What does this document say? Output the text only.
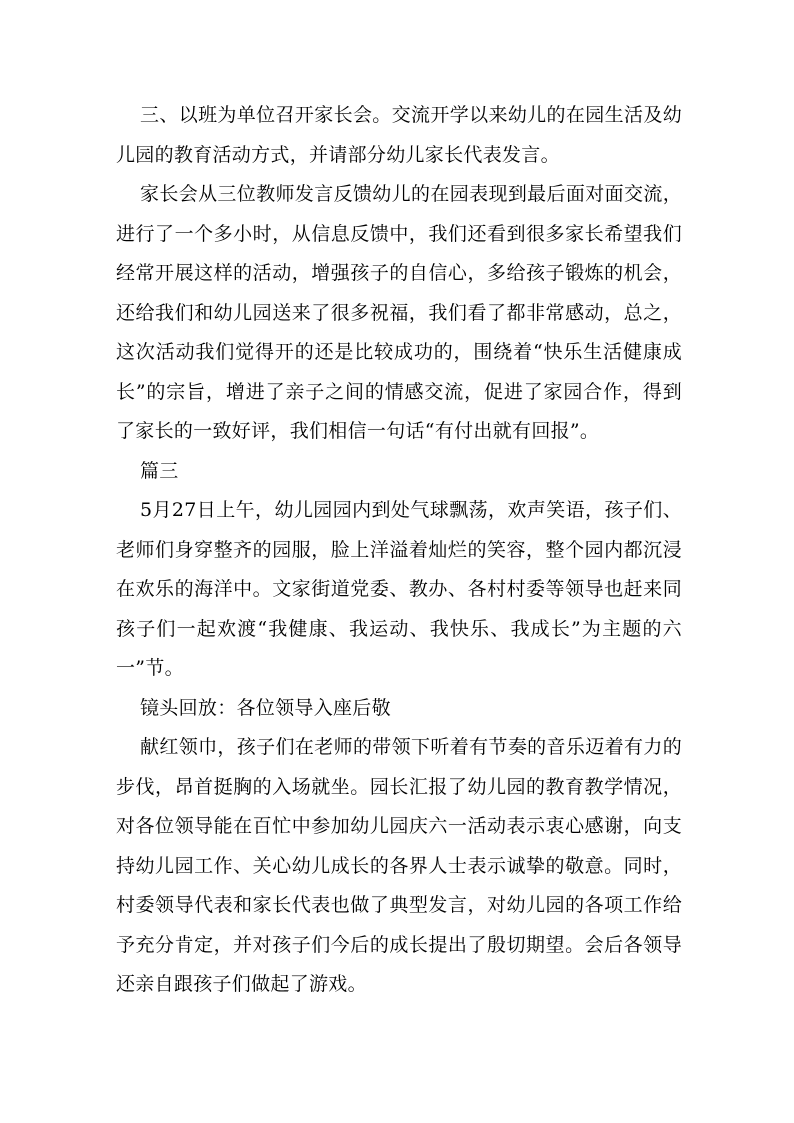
三、以班为单位召开家长会。交流开学以来幼儿的在园生活及幼儿园的教育活动方式，并请部分幼儿家长代表发言。

家长会从三位教师发言反馈幼儿的在园表现到最后面对面交流，进行了一个多小时，从信息反馈中，我们还看到很多家长希望我们经常开展这样的活动，增强孩子的自信心，多给孩子锻炼的机会，还给我们和幼儿园送来了很多祝福，我们看了都非常感动，总之，这次活动我们觉得开的还是比较成功的，围绕着“快乐生活健康成长”的宗旨，增进了亲子之间的情感交流，促进了家园合作，得到了家长的一致好评，我们相信一句话“有付出就有回报”。

篇三

5月27日上午，幼儿园园内到处气球飘荡，欢声笑语，孩子们、老师们身穿整齐的园服，脸上洋溢着灿烂的笑容，整个园内都沉浸在欢乐的海洋中。文家街道党委、教办、各村村委等领导也赶来同孩子们一起欢渡“我健康、我运动、我快乐、我成长”为主题的六一”节。

镜头回放：各位领导入座后敬

献红领巾，孩子们在老师的带领下听着有节奏的音乐迈着有力的步伐，昂首挺胸的入场就坐。园长汇报了幼儿园的教育教学情况，对各位领导能在百忙中参加幼儿园庆六一活动表示衷心感谢，向支持幼儿园工作、关心幼儿成长的各界人士表示诚挚的敬意。同时，村委领导代表和家长代表也做了典型发言，对幼儿园的各项工作给予充分肯定，并对孩子们今后的成长提出了殷切期望。会后各领导还亲自跟孩子们做起了游戏。
